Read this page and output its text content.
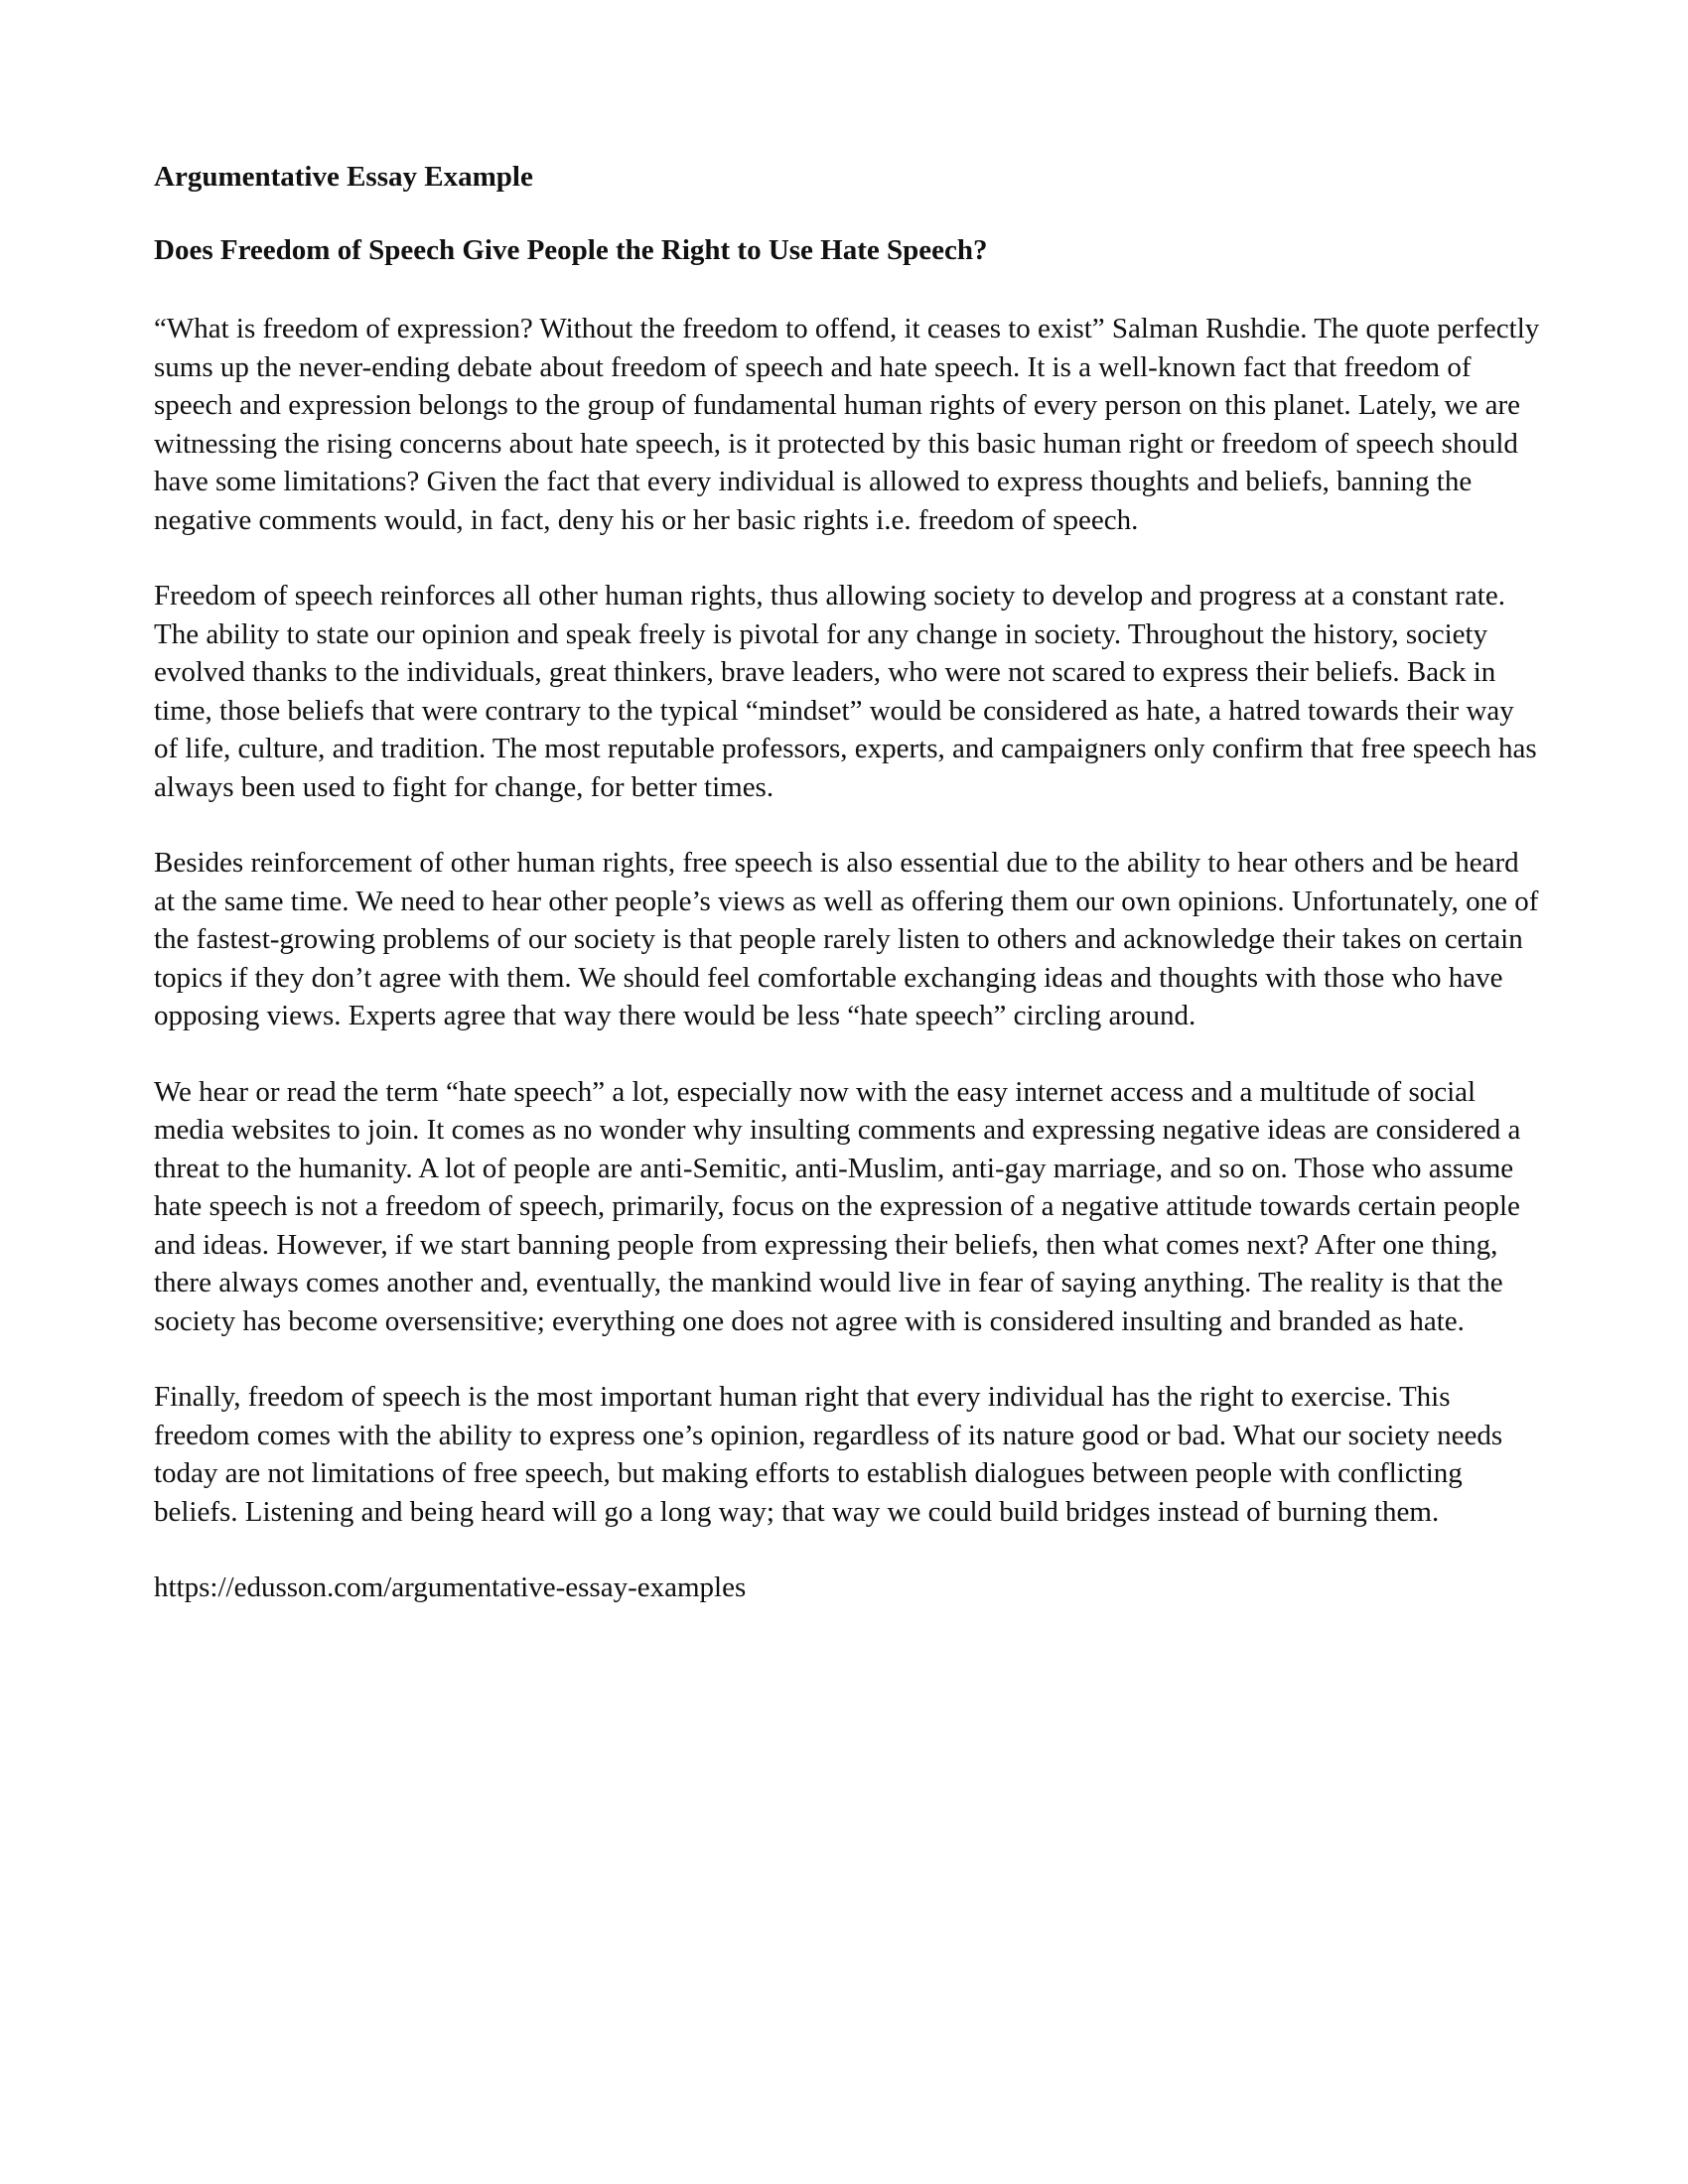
Argumentative Essay Example
Does Freedom of Speech Give People the Right to Use Hate Speech?

“What is freedom of expression? Without the freedom to offend, it ceases to exist” Salman Rushdie. The quote perfectly sums up the never-ending debate about freedom of speech and hate speech. It is a well-known fact that freedom of speech and expression belongs to the group of fundamental human rights of every person on this planet. Lately, we are witnessing the rising concerns about hate speech, is it protected by this basic human right or freedom of speech should have some limitations? Given the fact that every individual is allowed to express thoughts and beliefs, banning the negative comments would, in fact, deny his or her basic rights i.e. freedom of speech.

Freedom of speech reinforces all other human rights, thus allowing society to develop and progress at a constant rate. The ability to state our opinion and speak freely is pivotal for any change in society. Throughout the history, society evolved thanks to the individuals, great thinkers, brave leaders, who were not scared to express their beliefs. Back in time, those beliefs that were contrary to the typical “mindset” would be considered as hate, a hatred towards their way of life, culture, and tradition. The most reputable professors, experts, and campaigners only confirm that free speech has always been used to fight for change, for better times.

Besides reinforcement of other human rights, free speech is also essential due to the ability to hear others and be heard at the same time. We need to hear other people’s views as well as offering them our own opinions. Unfortunately, one of the fastest-growing problems of our society is that people rarely listen to others and acknowledge their takes on certain topics if they don’t agree with them. We should feel comfortable exchanging ideas and thoughts with those who have opposing views. Experts agree that way there would be less “hate speech” circling around.

We hear or read the term “hate speech” a lot, especially now with the easy internet access and a multitude of social media websites to join. It comes as no wonder why insulting comments and expressing negative ideas are considered a threat to the humanity. A lot of people are anti-Semitic, anti-Muslim, anti-gay marriage, and so on. Those who assume hate speech is not a freedom of speech, primarily, focus on the expression of a negative attitude towards certain people and ideas. However, if we start banning people from expressing their beliefs, then what comes next? After one thing, there always comes another and, eventually, the mankind would live in fear of saying anything. The reality is that the society has become oversensitive; everything one does not agree with is considered insulting and branded as hate.

Finally, freedom of speech is the most important human right that every individual has the right to exercise. This freedom comes with the ability to express one’s opinion, regardless of its nature good or bad. What our society needs today are not limitations of free speech, but making efforts to establish dialogues between people with conflicting beliefs. Listening and being heard will go a long way; that way we could build bridges instead of burning them.

https://edusson.com/argumentative-essay-examples
